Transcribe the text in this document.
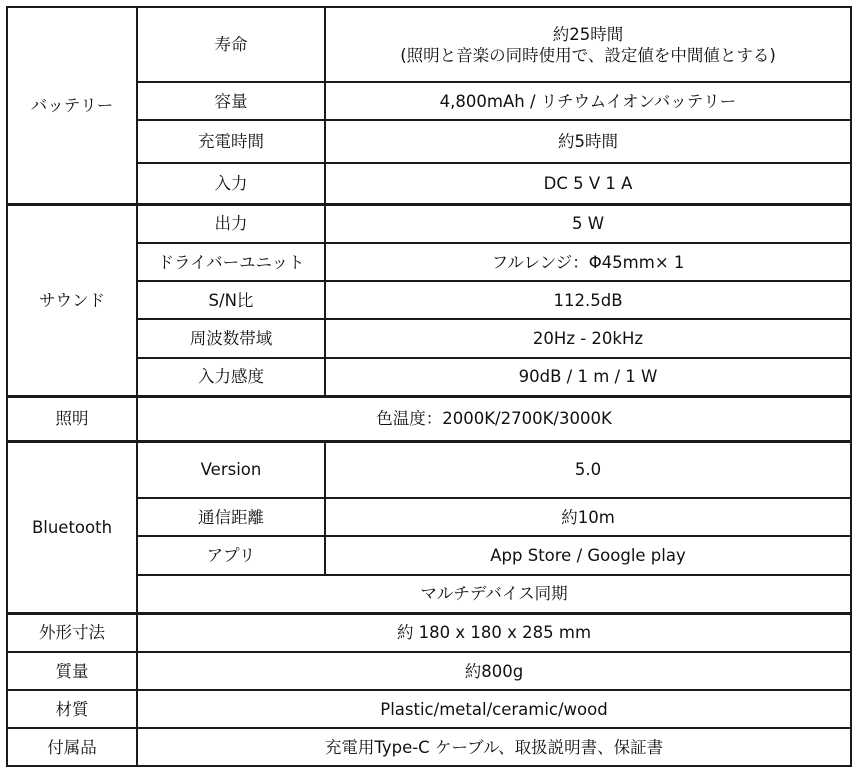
バッテリー	寿命	約25時間
(照明と音楽の同時使用で、設定値を中間値とする)

	容量	4,800mAh / リチウムイオンバッテリー
	充電時間	約5時間
	入力	DC 5 V 1 A
サウンド	出力	5 W
	ドライバーユニット	フルレンジ：Φ45mm× 1
	S/N比	112.5dB
	周波数帯域	20Hz - 20kHz
	入力感度	90dB / 1 m / 1 W
照明	色温度：2000K/2700K/3000K	
Bluetooth	Version	5.0
	通信距離	約10m
	アプリ	App Store / Google play
	マルチデバイス同期	
外形寸法	約 180 x 180 x 285 mm	
質量	約800g	
材質	Plastic/metal/ceramic/wood	
付属品	充電用Type-C ケーブル、取扱説明書、保証書	
